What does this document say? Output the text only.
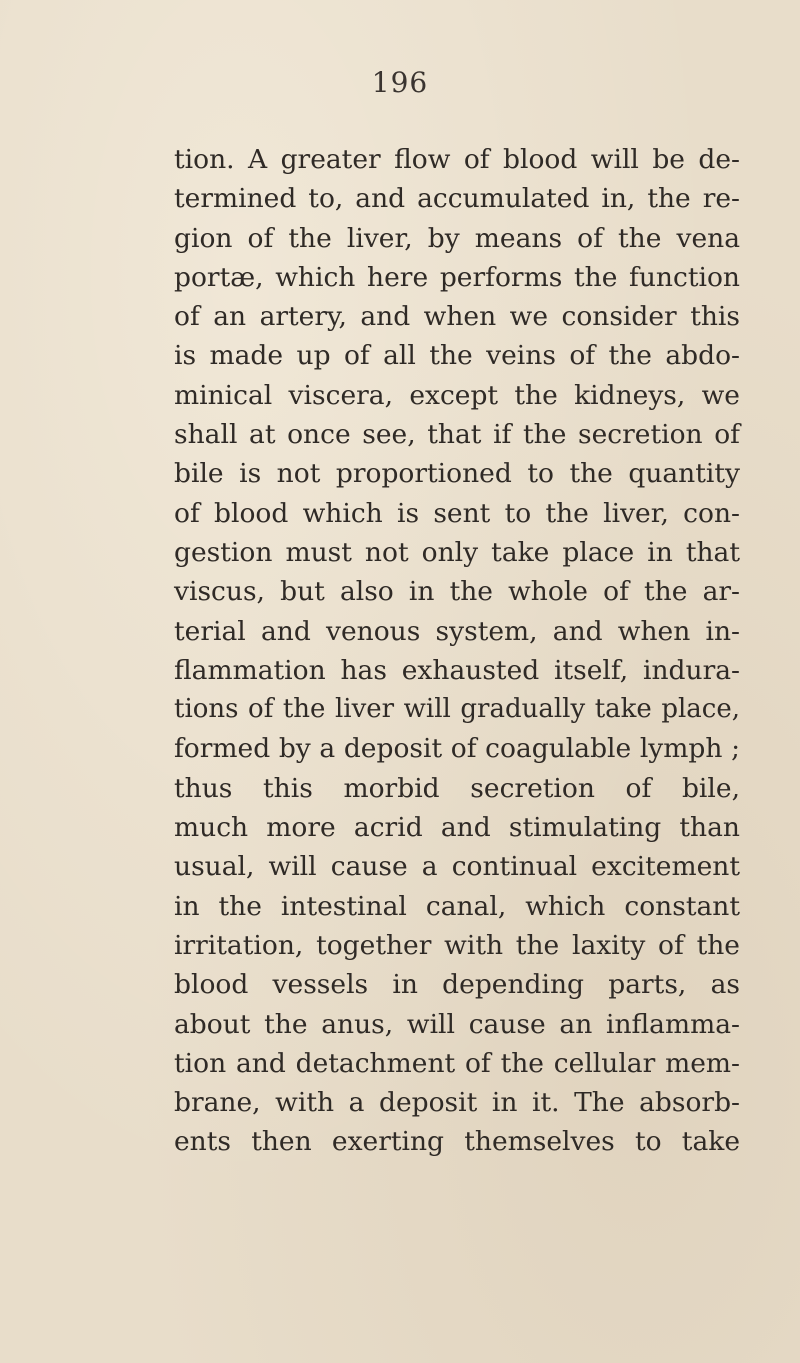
196
tion. A greater flow of blood will be de-
termined to, and accumulated in, the re-
gion of the liver, by means of the vena
portæ, which here performs the function
of an artery, and when we consider this
is made up of all the veins of the abdo-
minical viscera, except the kidneys, we
shall at once see, that if the secretion of
bile is not proportioned to the quantity
of blood which is sent to the liver, con-
gestion must not only take place in that
viscus, but also in the whole of the ar-
terial and venous system, and when in-
flammation has exhausted itself, indura-
tions of the liver will gradually take place,
formed by a deposit of coagulable lymph ;
thus this morbid secretion of bile,
much more acrid and stimulating than
usual, will cause a continual excitement
in the intestinal canal, which constant
irritation, together with the laxity of the
blood vessels in depending parts, as
about the anus, will cause an inflamma-
tion and detachment of the cellular mem-
brane, with a deposit in it. The absorb-
ents then exerting themselves to take
